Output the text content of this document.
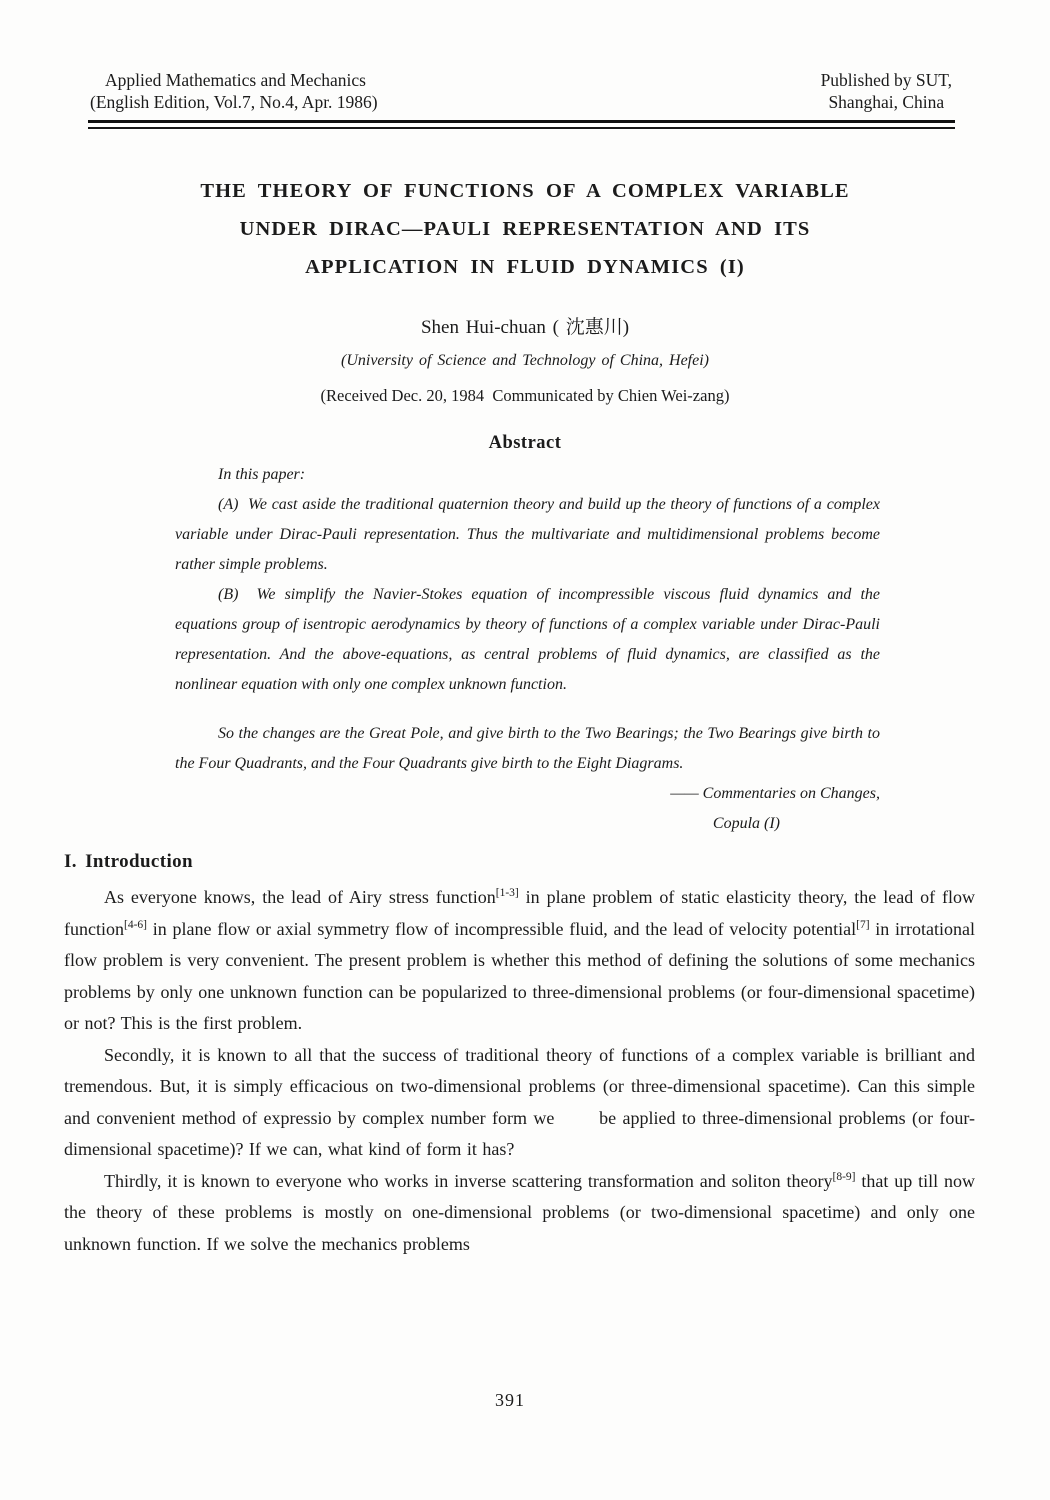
Applied Mathematics and Mechanics
(English Edition, Vol.7, No.4, Apr. 1986)
Published by SUT,
Shanghai, China
THE THEORY OF FUNCTIONS OF A COMPLEX VARIABLE
UNDER DIRAC—PAULI REPRESENTATION AND ITS
APPLICATION IN FLUID DYNAMICS (I)
Shen Hui-chuan ( 沈惠川)
(University of Science and Technology of China, Hefei)
(Received Dec. 20, 1984  Communicated by Chien Wei-zang)
Abstract

In this paper:

(A)  We cast aside the traditional quaternion theory and build up the theory of functions of a complex variable under Dirac-Pauli representation. Thus the multivariate and multidimensional problems become rather simple problems.

(B)  We simplify the Navier-Stokes equation of incompressible viscous fluid dynamics and the equations group of isentropic aerodynamics by theory of functions of a complex variable under Dirac-Pauli representation. And the above-equations, as central problems of fluid dynamics, are classified as the nonlinear equation with only one complex unknown function.

So the changes are the Great Pole, and give birth to the Two Bearings; the Two Bearings give birth to the Four Quadrants, and the Four Quadrants give birth to the Eight Diagrams.

—— Commentaries on Changes,
Copula (I)
I. Introduction

As everyone knows, the lead of Airy stress function[1-3] in plane problem of static elasticity theory, the lead of flow function[4-6] in plane flow or axial symmetry flow of incompressible fluid, and the lead of velocity potential[7] in irrotational flow problem is very convenient. The present problem is whether this method of defining the solutions of some mechanics problems by only one unknown function can be popularized to three-dimensional problems (or four-dimensional spacetime) or not? This is the first problem.

Secondly, it is known to all that the success of traditional theory of functions of a complex variable is brilliant and tremendous. But, it is simply efficacious on two-dimensional problems (or three-dimensional spacetime). Can this simple and convenient method of expressio by complex number form we       be applied to three-dimensional problems (or four-dimensional spacetime)? If we can, what kind of form it has?

Thirdly, it is known to everyone who works in inverse scattering transformation and soliton theory[8-9] that up till now the theory of these problems is mostly on one-dimensional problems (or two-dimensional spacetime) and only one unknown function. If we solve the mechanics problems

391
